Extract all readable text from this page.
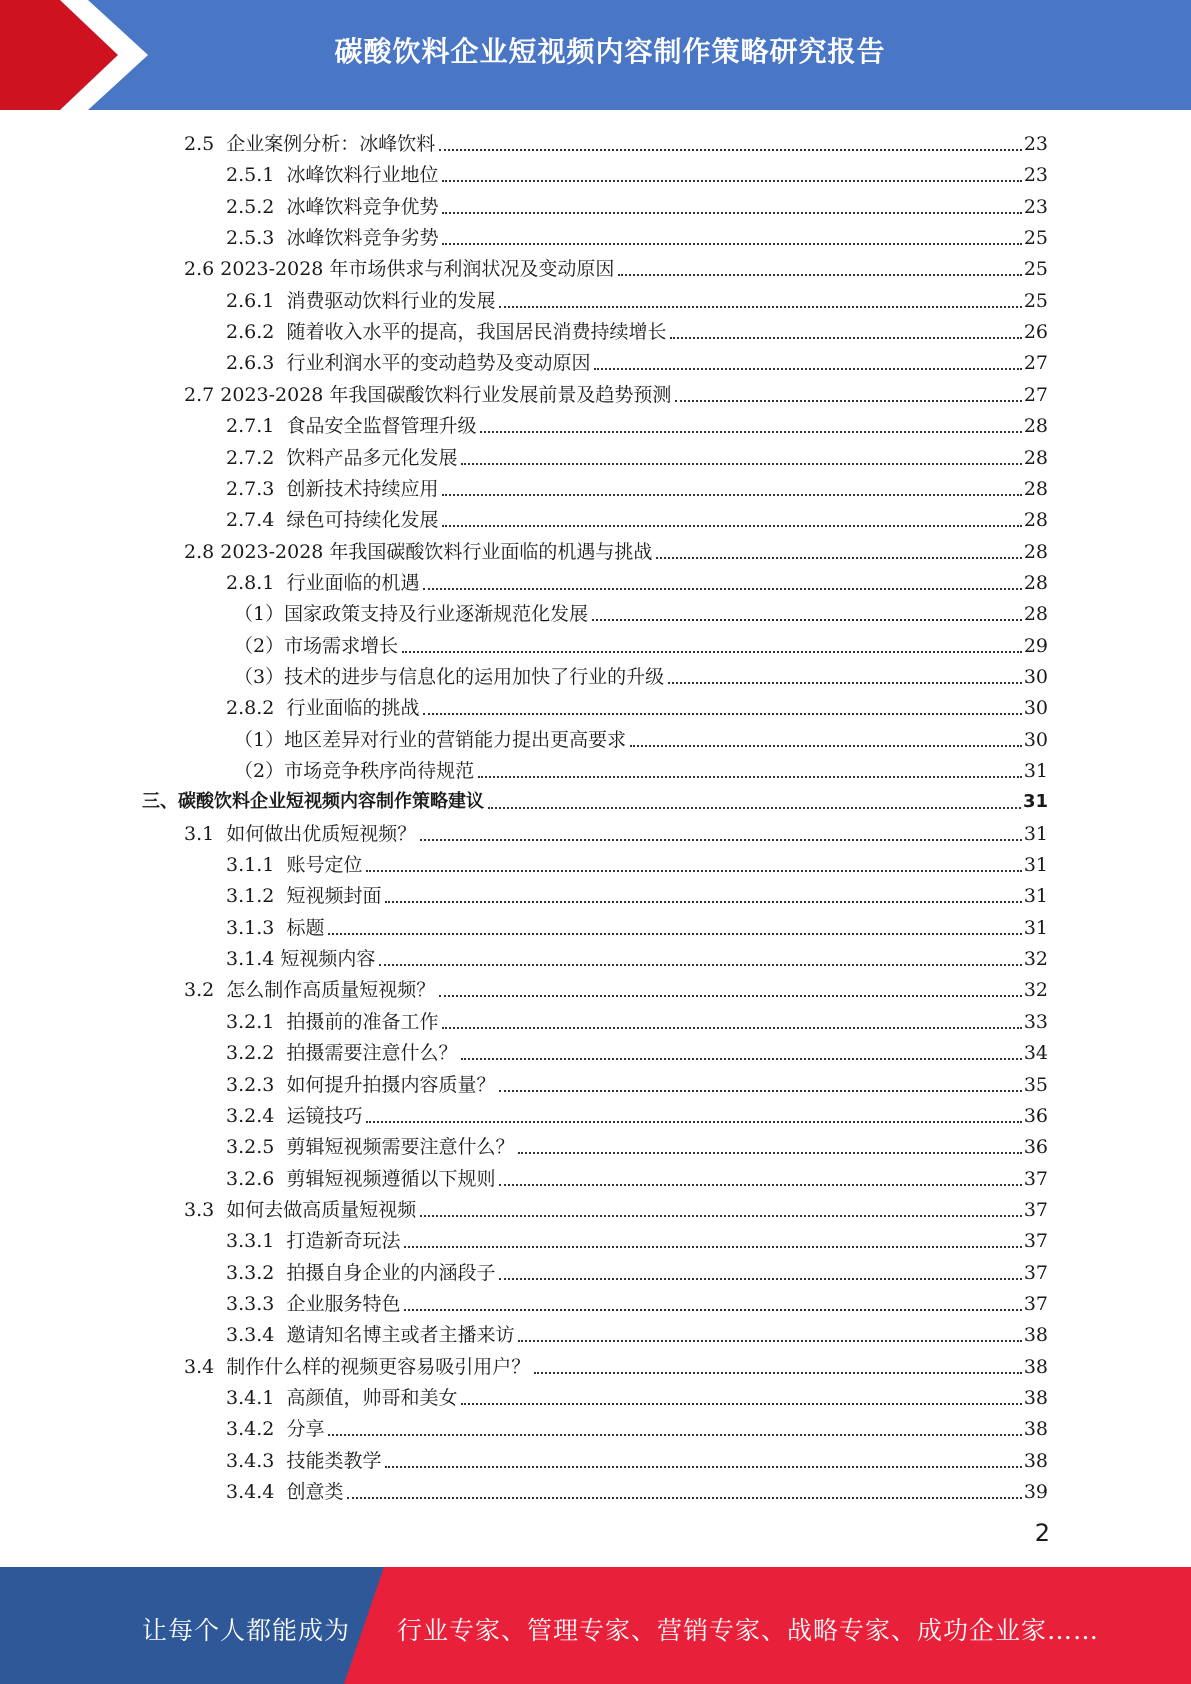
碳酸饮料企业短视频内容制作策略研究报告
2.5 企业案例分析：冰峰饮料	23
2.5.1 冰峰饮料行业地位	23
2.5.2 冰峰饮料竞争优势	23
2.5.3 冰峰饮料竞争劣势	25
2.6 2023-2028 年市场供求与利润状况及变动原因	25
2.6.1 消费驱动饮料行业的发展	25
2.6.2 随着收入水平的提高，我国居民消费持续增长	26
2.6.3 行业利润水平的变动趋势及变动原因	27
2.7 2023-2028 年我国碳酸饮料行业发展前景及趋势预测	27
2.7.1 食品安全监督管理升级	28
2.7.2 饮料产品多元化发展	28
2.7.3 创新技术持续应用	28
2.7.4 绿色可持续化发展	28
2.8 2023-2028 年我国碳酸饮料行业面临的机遇与挑战	28
2.8.1 行业面临的机遇	28
（1）国家政策支持及行业逐渐规范化发展	28
（2）市场需求增长	29
（3）技术的进步与信息化的运用加快了行业的升级	30
2.8.2 行业面临的挑战	30
（1）地区差异对行业的营销能力提出更高要求	30
（2）市场竞争秩序尚待规范	31
三、碳酸饮料企业短视频内容制作策略建议	31
3.1 如何做出优质短视频？	31
3.1.1 账号定位	31
3.1.2 短视频封面	31
3.1.3 标题	31
3.1.4 短视频内容	32
3.2 怎么制作高质量短视频？	32
3.2.1 拍摄前的准备工作	33
3.2.2 拍摄需要注意什么？	34
3.2.3 如何提升拍摄内容质量？	35
3.2.4 运镜技巧	36
3.2.5 剪辑短视频需要注意什么？	36
3.2.6 剪辑短视频遵循以下规则	37
3.3 如何去做高质量短视频	37
3.3.1 打造新奇玩法	37
3.3.2 拍摄自身企业的内涵段子	37
3.3.3 企业服务特色	37
3.3.4 邀请知名博主或者主播来访	38
3.4 制作什么样的视频更容易吸引用户？	38
3.4.1 高颜值，帅哥和美女	38
3.4.2 分享	38
3.4.3 技能类教学	38
3.4.4 创意类	39
2
让每个人都能成为 行业专家、管理专家、营销专家、战略专家、成功企业家……
